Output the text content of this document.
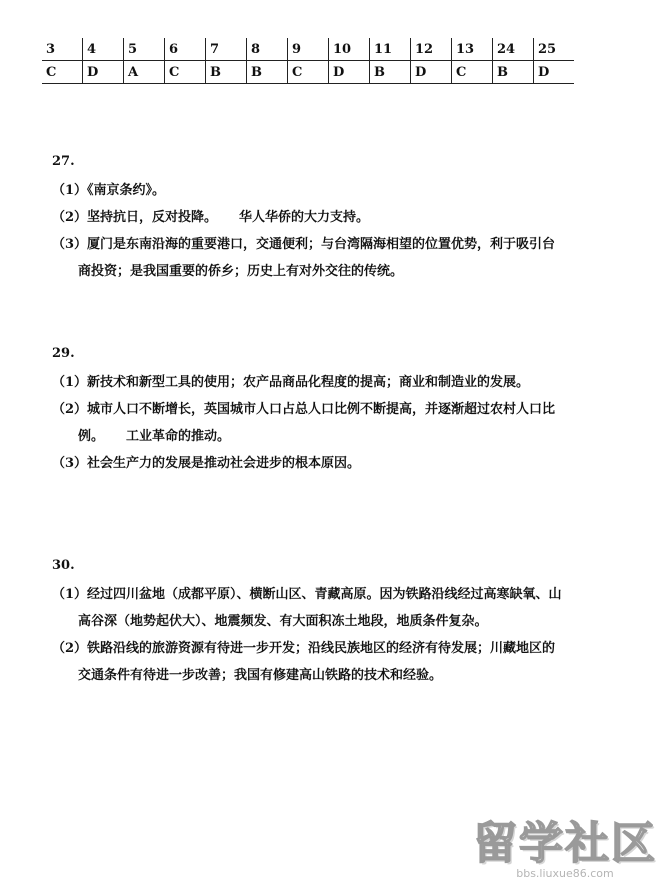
3	4	5	6	7	8	9	10	11	12	13	24	25
C	D	A	C	B	B	C	D	B	D	C	B	D
27.
（1）《南京条约》。
（2）坚持抗日，反对投降。 华人华侨的大力支持。
（3）厦门是东南沿海的重要港口，交通便利；与台湾隔海相望的位置优势，利于吸引台
商投资；是我国重要的侨乡；历史上有对外交往的传统。
29.
（1）新技术和新型工具的使用；农产品商品化程度的提高；商业和制造业的发展。
（2）城市人口不断增长，英国城市人口占总人口比例不断提高，并逐渐超过农村人口比
例。 工业革命的推动。
（3）社会生产力的发展是推动社会进步的根本原因。
30.
（1）经过四川盆地（成都平原）、横断山区、青藏高原。因为铁路沿线经过高寒缺氧、山
高谷深（地势起伏大）、地震频发、有大面积冻土地段，地质条件复杂。
（2）铁路沿线的旅游资源有待进一步开发；沿线民族地区的经济有待发展；川藏地区的
交通条件有待进一步改善；我国有修建高山铁路的技术和经验。
留学社区
bbs.liuxue86.com
